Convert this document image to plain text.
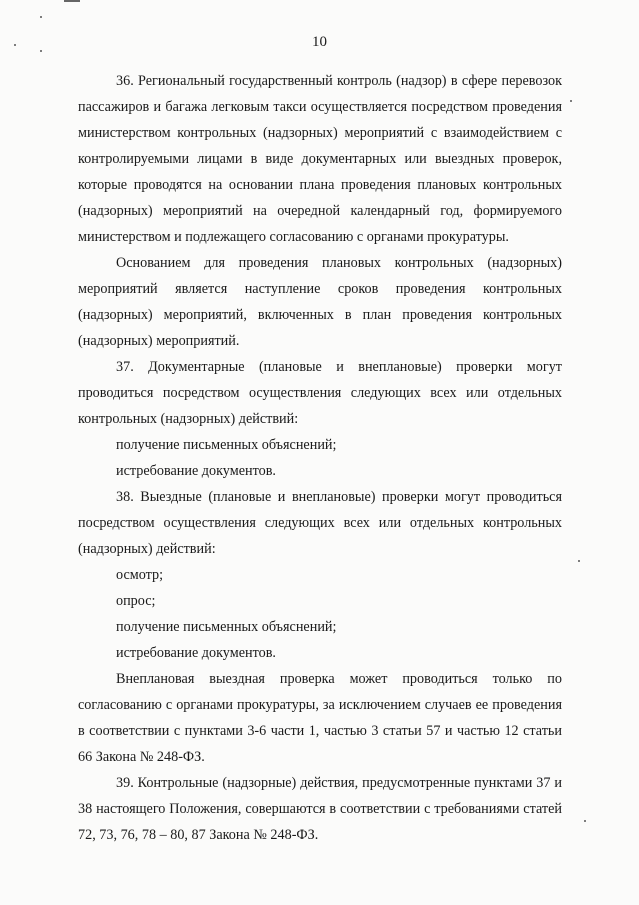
10

36. Региональный государственный контроль (надзор) в сфере перевозок пассажиров и багажа легковым такси осуществляется посредством проведения министерством контрольных (надзорных) мероприятий с взаимодействием с контролируемыми лицами в виде документарных или выездных проверок, которые проводятся на основании плана проведения плановых контрольных (надзорных) мероприятий на очередной календарный год, формируемого министерством и подлежащего согласованию с органами прокуратуры.

Основанием для проведения плановых контрольных (надзорных) мероприятий является наступление сроков проведения контрольных (надзорных) мероприятий, включенных в план проведения контрольных (надзорных) мероприятий.

37. Документарные (плановые и внеплановые) проверки могут проводиться посредством осуществления следующих всех или отдельных контрольных (надзорных) действий:

получение письменных объяснений;

истребование документов.

38. Выездные (плановые и внеплановые) проверки могут проводиться посредством осуществления следующих всех или отдельных контрольных (надзорных) действий:

осмотр;

опрос;

получение письменных объяснений;

истребование документов.

Внеплановая выездная проверка может проводиться только по согласованию с органами прокуратуры, за исключением случаев ее проведения в соответствии с пунктами 3-6 части 1, частью 3 статьи 57 и частью 12 статьи 66 Закона № 248-ФЗ.

39. Контрольные (надзорные) действия, предусмотренные пунктами 37 и 38 настоящего Положения, совершаются в соответствии с требованиями статей 72, 73, 76, 78 – 80, 87 Закона № 248-ФЗ.
